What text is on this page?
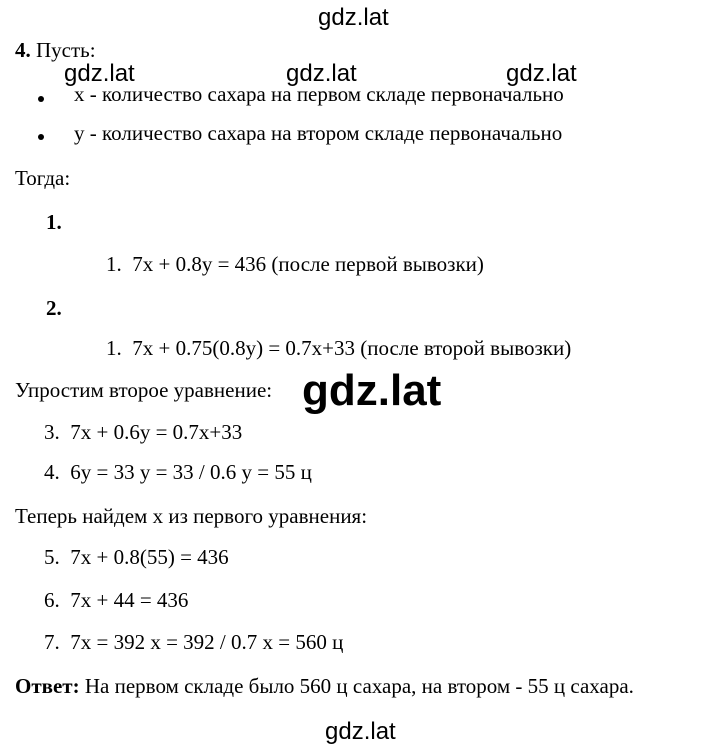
gdz.lat
gdz.lat	gdz.lat	gdz.lat
gdz.lat
gdz.lat
4. Пусть:
x - количество сахара на первом складе первоначально
y - количество сахара на втором складе первоначально
Тогда:
1.
1. 7x + 0.8y = 436 (после первой вывозки)
2.
1. 7x + 0.75(0.8y) = 0.7x+33 (после второй вывозки)
Упростим второе уравнение:
3. 7x + 0.6y = 0.7x+33
4. 6y = 33 y = 33 / 0.6 y = 55 ц
Теперь найдем x из первого уравнения:
5. 7x + 0.8(55) = 436
6. 7x + 44 = 436
7. 7x = 392 x = 392 / 0.7 x = 560 ц
Ответ: На первом складе было 560 ц сахара, на втором - 55 ц сахара.
